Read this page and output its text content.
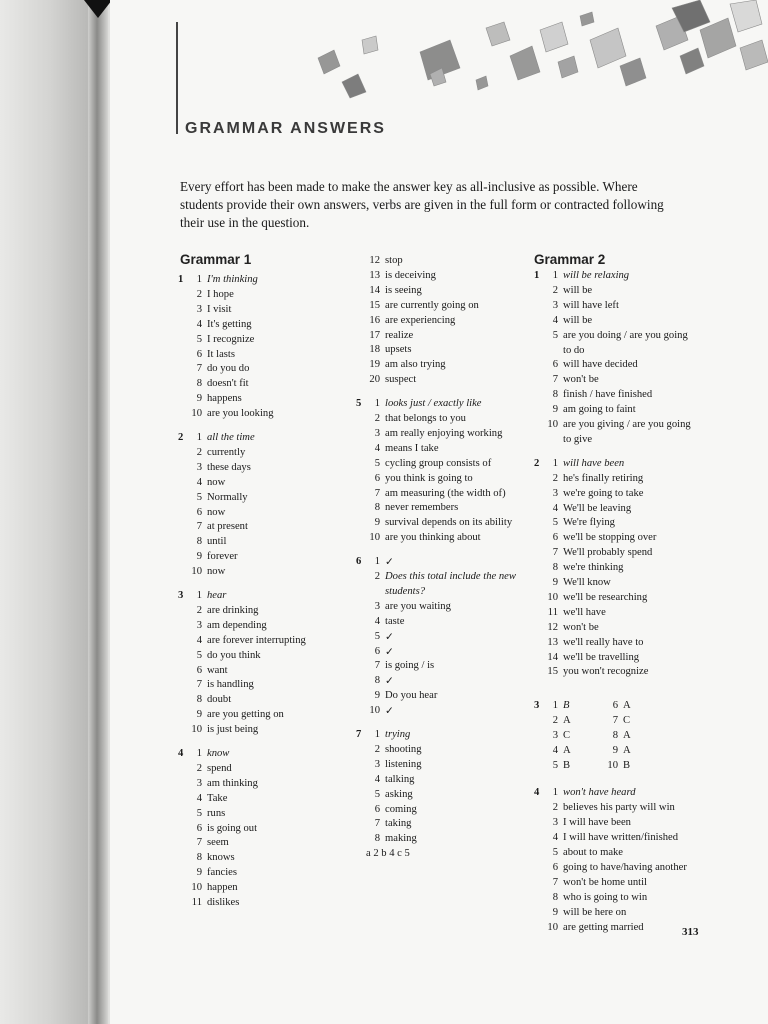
GRAMMAR ANSWERS

Every effort has been made to make the answer key as all-inclusive as possible. Where students provide their own answers, verbs are given in the full form or contracted following their use in the question.

Grammar 1	Grammar 2
1	1 I'm thinking
2 I hope
3 I visit
4 It's getting
5 I recognize
6 It lasts
7 do you do
8 doesn't fit
9 happens
10 are you looking
2	1 all the time
2 currently
3 these days
4 now
5 Normally
6 now
7 at present
8 until
9 forever
10 now
3	1 hear
2 are drinking
3 am depending
4 are forever interrupting
5 do you think
6 want
7 is handling
8 doubt
9 are you getting on
10 is just being
4	1 know
2 spend
3 am thinking
4 Take
5 runs
6 is going out
7 seem
8 knows
9 fancies
10 happen
11 dislikes
12 stop
13 is deceiving
14 is seeing
15 are currently going on
16 are experiencing
17 realize
18 upsets
19 am also trying
20 suspect
5	1 looks just / exactly like
2 that belongs to you
3 am really enjoying working
4 means I take
5 cycling group consists of
6 you think is going to
7 am measuring (the width of)
8 never remembers
9 survival depends on its ability
10 are you thinking about
6	1 ✓
2 Does this total include the new
students?
3 are you waiting
4 taste
5 ✓
6 ✓
7 is going / is
8 ✓
9 Do you hear
10 ✓
7	1 trying
2 shooting
3 listening
4 talking
5 asking
6 coming
7 taking
8 making
a 2 b 4 c 5
1	1 will be relaxing
2 will be
3 will have left
4 will be
5 are you doing / are you going
to do
6 will have decided
7 won't be
8 finish / have finished
9 am going to faint
10 are you giving / are you going
to give
2	1 will have been
2 he's finally retiring
3 we're going to take
4 We'll be leaving
5 We're flying
6 we'll be stopping over
7 We'll probably spend
8 we're thinking
9 We'll know
10 we'll be researching
11 we'll have
12 won't be
13 we'll really have to
14 we'll be travelling
15 you won't recognize
3	1 B	6 A
2 A	7 C
3 C	8 A
4 A	9 A
5 B	10 B
4	1 won't have heard
2 believes his party will win
3 I will have been
4 I will have written/finished
5 about to make
6 going to have/having another
7 won't be home until
8 who is going to win
9 will be here on
10 are getting married	313
